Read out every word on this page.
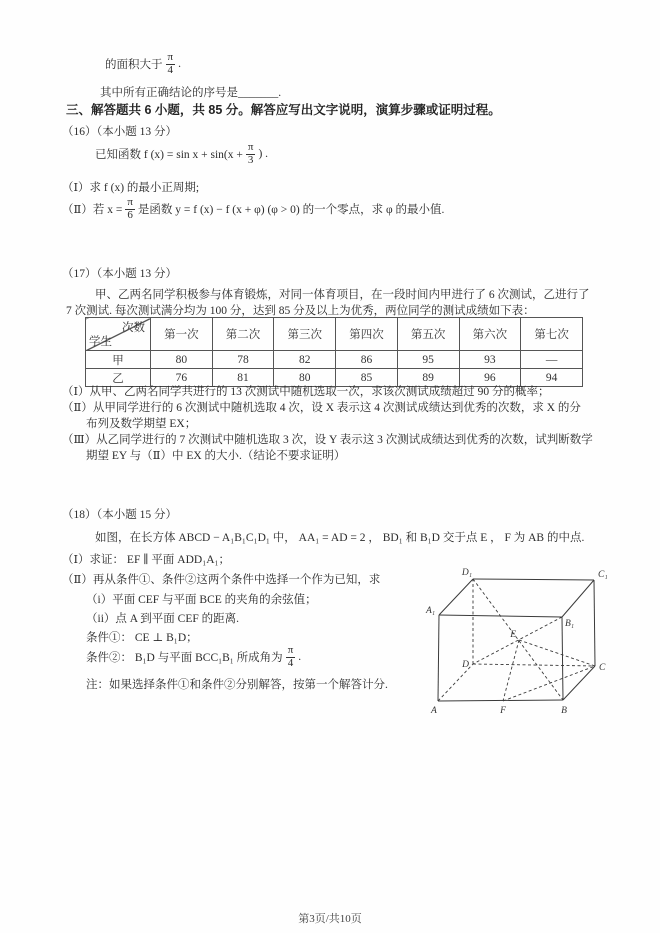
的面积大于 $\frac{\pi}{4}$ .
其中所有正确结论的序号是_______.
三、解答题共 6 小题，共 85 分。解答应写出文字说明，演算步骤或证明过程。
（16）（本小题 13 分）
已知函数 f $(x) = \sin x + \sin(x + \frac{\pi}{3}$ ) .
（Ⅰ）求 f (x) 的最小正周期;
（Ⅱ）若 $x = \frac{\pi}{6}$ 是函数 y = f (x) − f (x + φ) (φ > 0) 的一个零点，求 φ 的最小值.
（17）（本小题 13 分）
甲、乙两名同学积极参与体育锻炼，对同一体育项目，在一段时间内甲进行了 6 次测试，乙进行了
7 次测试. 每次测试满分均为 100 分，达到 85 分及以上为优秀，两位同学的测试成绩如下表：
次数
学生	第一次	第二次	第三次	第四次	第五次	第六次	第七次
甲	80	78	82	86	95	93	—
乙	76	81	80	85	89	96	94
（Ⅰ）从甲、乙两名同学共进行的 13 次测试中随机选取一次，求该次测试成绩超过 90 分的概率；
（Ⅱ）从甲同学进行的 6 次测试中随机选取 4 次，设 X 表示这 4 次测试成绩达到优秀的次数，求 X 的分
布列及数学期望 EX；
（Ⅲ）从乙同学进行的 7 次测试中随机选取 3 次，设 Y 表示这 3 次测试成绩达到优秀的次数，试判断数学
期望 EY 与（Ⅱ）中 EX 的大小.（结论不要求证明）
（18）（本小题 15 分）
如图，在长方体 ABCD − A₁B₁C₁D₁ 中， AA₁ = AD = 2 ， BD₁ 和 B₁D 交于点 E ， F 为 AB 的中点.
（Ⅰ）求证： EF ∥ 平面 ADD₁A₁；
（Ⅱ）再从条件①、条件②这两个条件中选择一个作为已知，求
（i）平面 CEF 与平面 BCE 的夹角的余弦值；
（ii）点 A 到平面 CEF 的距离.
条件①： CE ⊥ B₁D；
条件②： B₁D 与平面 BCC₁B₁ 所成角为 $\frac{\pi}{4}$ .
注：如果选择条件①和条件②分别解答，按第一个解答计分.
D₁	C₁
A₁
B₁
E
D	C
A	F	B
第3页/共10页
